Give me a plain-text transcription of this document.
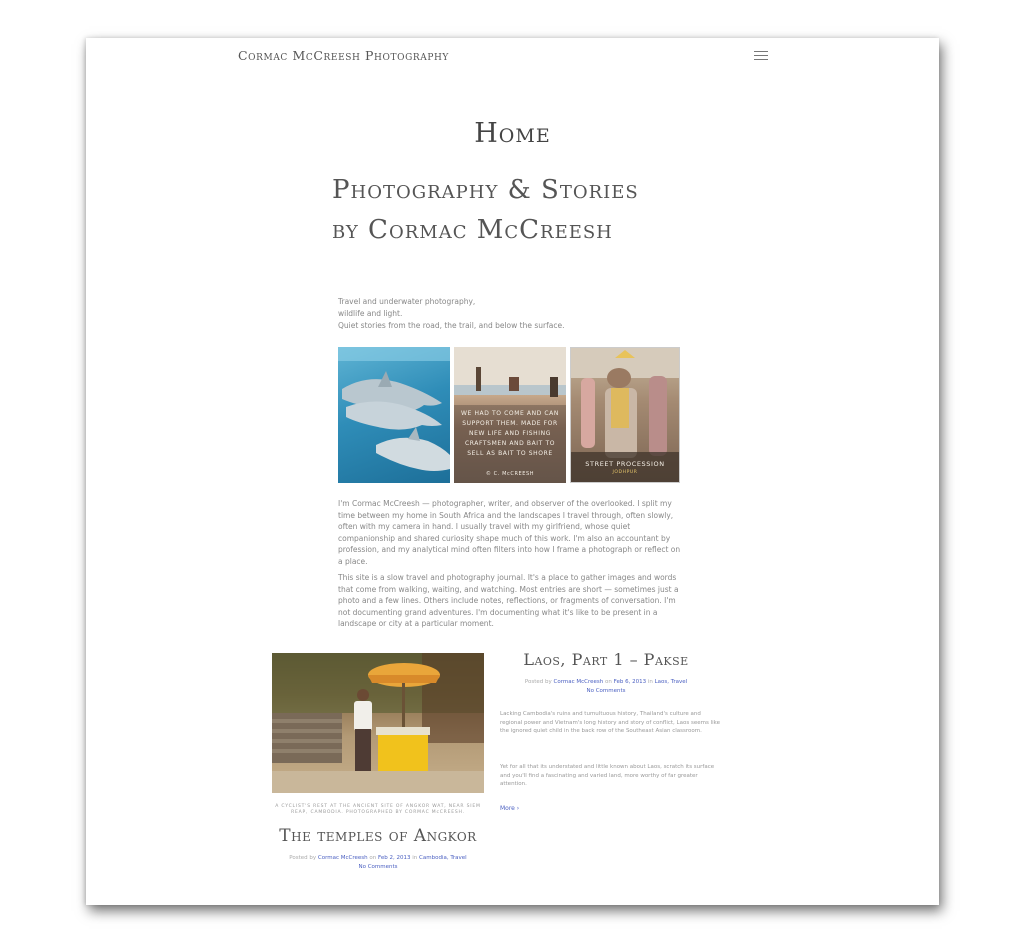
Cormac McCreesh Photography
Home
Photography & Stories by Cormac McCreesh
Travel and underwater photography,
wildlife and light.
Quiet stories from the road, the trail, and below the surface.
WE HAD TO COME AND CAN SUPPORT THEM. MADE FOR NEW LIFE AND FISHING CRAFTSMEN AND BAIT TO SELL AS BAIT TO SHORE
© C. McCREESH
STREET PROCESSION
JODHPUR
I'm Cormac McCreesh — photographer, writer, and observer of the overlooked. I split my time between my home in South Africa and the landscapes I travel through, often slowly, often with my camera in hand. I usually travel with my girlfriend, whose quiet companionship and shared curiosity shape much of this work. I'm also an accountant by profession, and my analytical mind often filters into how I frame a photograph or reflect on a place.
This site is a slow travel and photography journal. It's a place to gather images and words that come from walking, waiting, and watching. Most entries are short — sometimes just a photo and a few lines. Others include notes, reflections, or fragments of conversation. I'm not documenting grand adventures. I'm documenting what it's like to be present in a landscape or city at a particular moment.
A CYCLIST'S REST AT THE ANCIENT SITE OF ANGKOR WAT, NEAR SIEM REAP, CAMBODIA. PHOTOGRAPHED BY CORMAC McCREESH.
The temples of Angkor
Posted by Cormac McCreesh on Feb 2, 2013 in Cambodia, Travel
No Comments
Laos, Part 1 – Pakse
Posted by Cormac McCreesh on Feb 6, 2013 in Laos, Travel
No Comments
Lacking Cambodia's ruins and tumultuous history, Thailand's culture and regional power and Vietnam's long history and story of conflict, Laos seems like the ignored quiet child in the back row of the Southeast Asian classroom.
Yet for all that its understated and little known about Laos, scratch its surface and you'll find a fascinating and varied land, more worthy of far greater attention.
More ›
